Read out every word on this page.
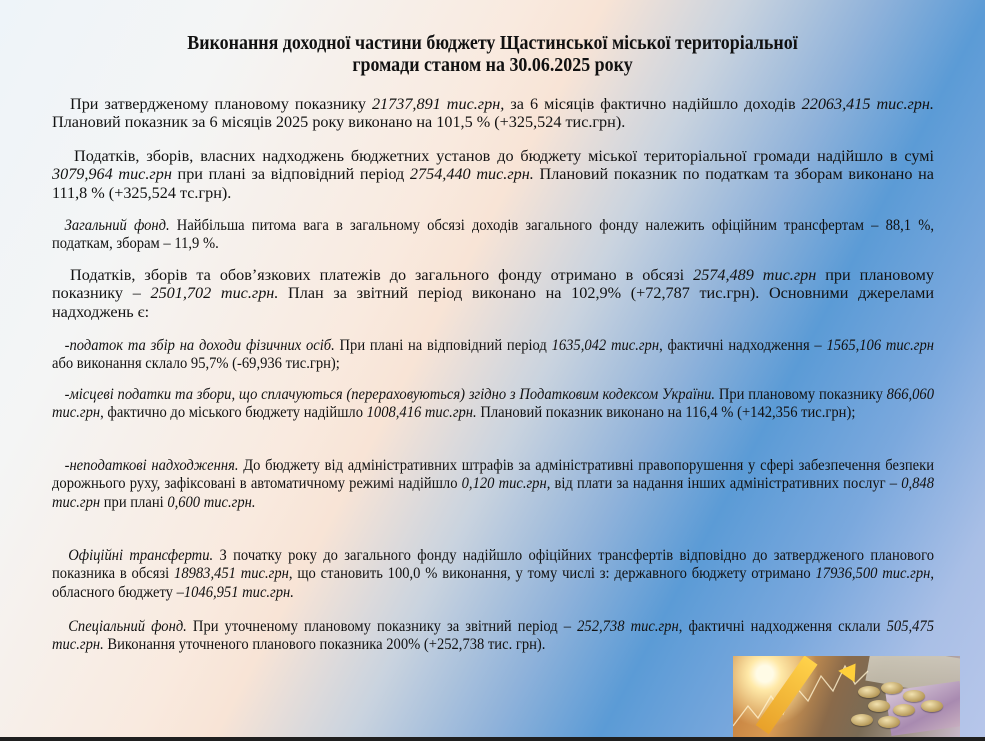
Виконання доходної частини бюджету Щастинської міської територіальної
громади станом на 30.06.2025 року
При затвердженому плановому показнику 21737,891 тис.грн, за 6 місяців фактично надійшло доходів 22063,415 тис.грн. Плановий показник за 6 місяців 2025 року виконано на 101,5 % (+325,524 тис.грн).
Податків, зборів, власних надходжень бюджетних установ до бюджету міської територіальної громади надійшло в сумі 3079,964 тис.грн при плані за відповідний період 2754,440 тис.грн. Плановий показник по податкам та зборам виконано на 111,8 % (+325,524 тс.грн).
Загальний фонд. Найбільша питома вага в загальному обсязі доходів загального фонду належить офіційним трансфертам – 88,1 %, податкам, зборам – 11,9 %.
Податків, зборів та обов’язкових платежів до загального фонду отримано в обсязі 2574,489 тис.грн при плановому показнику – 2501,702 тис.грн. План за звітний період виконано на 102,9% (+72,787 тис.грн). Основними джерелами надходжень є:
-податок та збір на доходи фізичних осіб. При плані на відповідний період 1635,042 тис.грн, фактичні надходження – 1565,106 тис.грн або виконання склало 95,7% (-69,936 тис.грн);
-місцеві податки та збори, що сплачуються (перераховуються) згідно з Податковим кодексом України. При плановому показнику 866,060 тис.грн, фактично до міського бюджету надійшло 1008,416 тис.грн. Плановий показник виконано на 116,4 % (+142,356 тис.грн);
-неподаткові надходження. До бюджету від адміністративних штрафів за адміністративні правопорушення у сфері забезпечення безпеки дорожнього руху, зафіксовані в автоматичному режимі надійшло 0,120 тис.грн, від плати за надання інших адміністративних послуг – 0,848 тис.грн при плані 0,600 тис.грн.
Офіційні трансферти. З початку року до загального фонду надійшло офіційних трансфертів відповідно до затвердженого планового показника в обсязі 18983,451 тис.грн, що становить 100,0 % виконання, у тому числі з: державного бюджету отримано 17936,500 тис.грн, обласного бюджету –1046,951 тис.грн.
Спеціальний фонд. При уточненому плановому показнику за звітний період – 252,738 тис.грн, фактичні надходження склали 505,475 тис.грн. Виконання уточненого планового показника 200% (+252,738 тис. грн).
